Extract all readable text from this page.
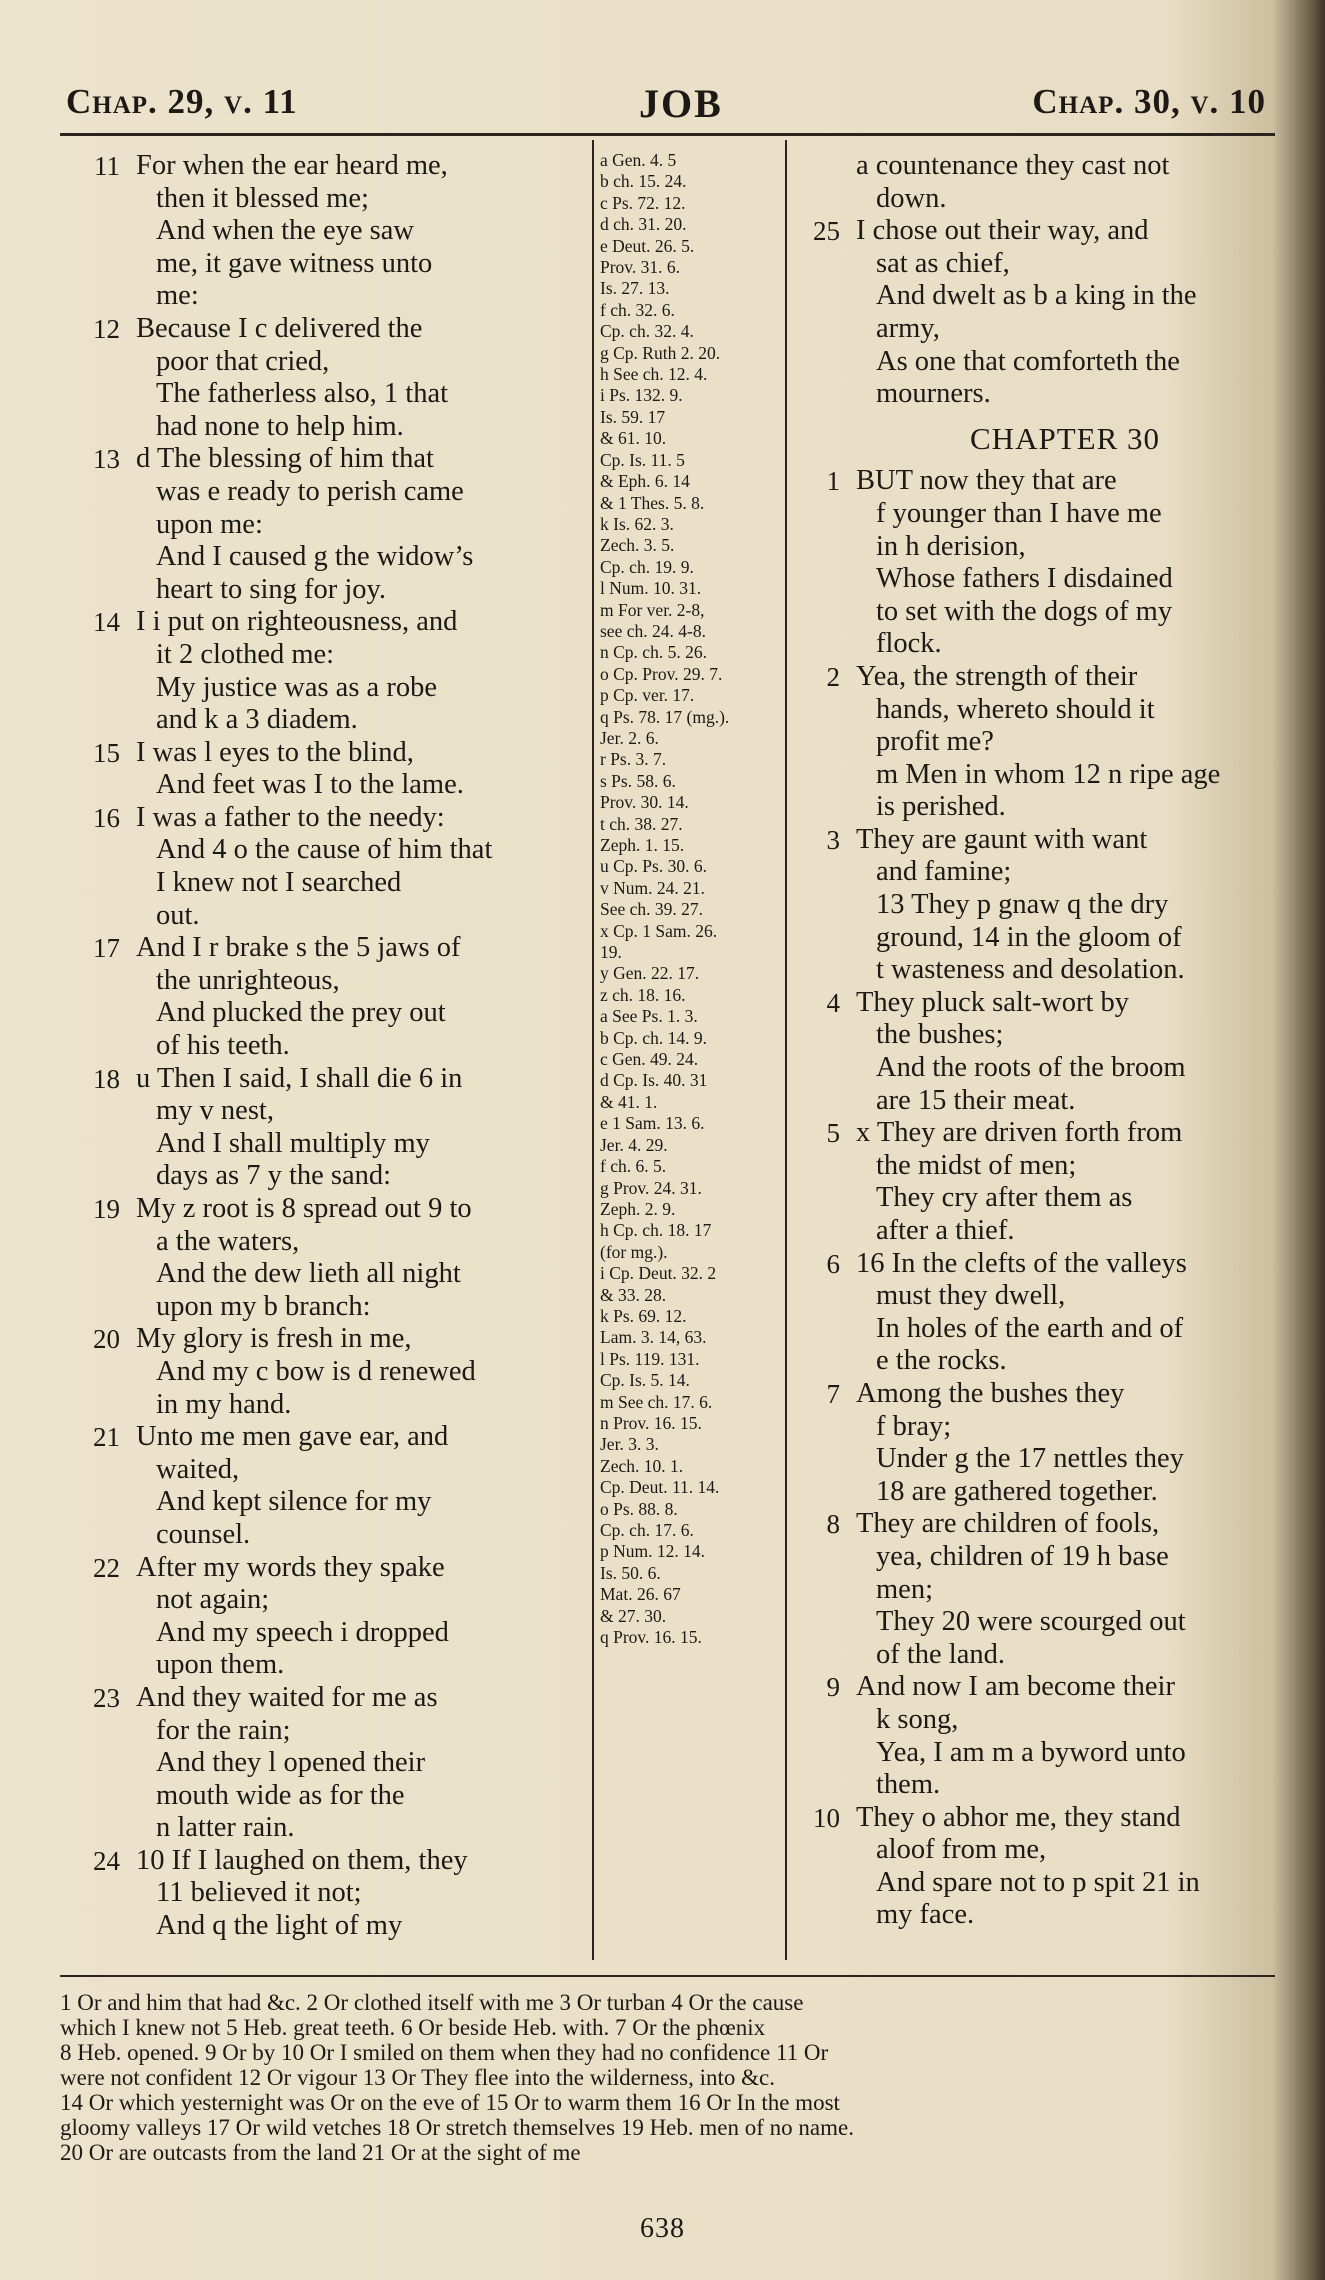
Chap. 29, v. 11	JOB	Chap. 30, v. 10
11 For when the ear heard me,
then it blessed me;
And when the eye saw
me, it gave witness unto
me:
12 Because I c delivered the
poor that cried,
The fatherless also, 1 that
had none to help him.
13 d The blessing of him that
was e ready to perish came
upon me:
And I caused g the widow’s
heart to sing for joy.
14 I i put on righteousness, and
it 2 clothed me:
My justice was as a robe
and k a 3 diadem.
15 I was l eyes to the blind,
And feet was I to the lame.
16 I was a father to the needy:
And 4 o the cause of him that
I knew not I searched
out.
17 And I r brake s the 5 jaws of
the unrighteous,
And plucked the prey out
of his teeth.
18 u Then I said, I shall die 6 in
my v nest,
And I shall multiply my
days as 7 y the sand:
19 My z root is 8 spread out 9 to
a the waters,
And the dew lieth all night
upon my b branch:
20 My glory is fresh in me,
And my c bow is d renewed
in my hand.
21 Unto me men gave ear, and
waited,
And kept silence for my
counsel.
22 After my words they spake
not again;
And my speech i dropped
upon them.
23 And they waited for me as
for the rain;
And they l opened their
mouth wide as for the
n latter rain.
24 10 If I laughed on them, they
11 believed it not;
And q the light of my
a Gen. 4. 5
b ch. 15. 24.
c Ps. 72. 12.
d ch. 31. 20.
e Deut. 26. 5.
Prov. 31. 6.
Is. 27. 13.
f ch. 32. 6.
Cp. ch. 32. 4.
g Cp. Ruth 2. 20.
h See ch. 12. 4.
i Ps. 132. 9.
Is. 59. 17
& 61. 10.
Cp. Is. 11. 5
& Eph. 6. 14
& 1 Thes. 5. 8.
k Is. 62. 3.
Zech. 3. 5.
Cp. ch. 19. 9.
l Num. 10. 31.
m For ver. 2-8,
see ch. 24. 4-8.
n Cp. ch. 5. 26.
o Cp. Prov. 29. 7.
p Cp. ver. 17.
q Ps. 78. 17 (mg.).
Jer. 2. 6.
r Ps. 3. 7.
s Ps. 58. 6.
Prov. 30. 14.
t ch. 38. 27.
Zeph. 1. 15.
u Cp. Ps. 30. 6.
v Num. 24. 21.
See ch. 39. 27.
x Cp. 1 Sam. 26.
19.
y Gen. 22. 17.
z ch. 18. 16.
a See Ps. 1. 3.
b Cp. ch. 14. 9.
c Gen. 49. 24.
d Cp. Is. 40. 31
& 41. 1.
e 1 Sam. 13. 6.
Jer. 4. 29.
f ch. 6. 5.
g Prov. 24. 31.
Zeph. 2. 9.
h Cp. ch. 18. 17
(for mg.).
i Cp. Deut. 32. 2
& 33. 28.
k Ps. 69. 12.
Lam. 3. 14, 63.
l Ps. 119. 131.
Cp. Is. 5. 14.
m See ch. 17. 6.
n Prov. 16. 15.
Jer. 3. 3.
Zech. 10. 1.
Cp. Deut. 11. 14.
o Ps. 88. 8.
Cp. ch. 17. 6.
p Num. 12. 14.
Is. 50. 6.
Mat. 26. 67
& 27. 30.
q Prov. 16. 15.
a countenance they cast not
down.
25 I chose out their way, and
sat as chief,
And dwelt as b a king in the
army,
As one that comforteth the
mourners.
CHAPTER 30
1 BUT now they that are
f younger than I have me
in h derision,
Whose fathers I disdained
to set with the dogs of my
flock.
2 Yea, the strength of their
hands, whereto should it
profit me?
m Men in whom 12 n ripe age
is perished.
3 They are gaunt with want
and famine;
13 They p gnaw q the dry
ground, 14 in the gloom of
t wasteness and desolation.
4 They pluck salt-wort by
the bushes;
And the roots of the broom
are 15 their meat.
5 x They are driven forth from
the midst of men;
They cry after them as
after a thief.
6 16 In the clefts of the valleys
must they dwell,
In holes of the earth and of
e the rocks.
7 Among the bushes they
f bray;
Under g the 17 nettles they
18 are gathered together.
8 They are children of fools,
yea, children of 19 h base
men;
They 20 were scourged out
of the land.
9 And now I am become their
k song,
Yea, I am m a byword unto
them.
10 They o abhor me, they stand
aloof from me,
And spare not to p spit 21 in
my face.
1 Or and him that had &c. 2 Or clothed itself with me 3 Or turban 4 Or the cause
which I knew not 5 Heb. great teeth. 6 Or beside Heb. with. 7 Or the phœnix
8 Heb. opened. 9 Or by 10 Or I smiled on them when they had no confidence 11 Or
were not confident 12 Or vigour 13 Or They flee into the wilderness, into &c.
14 Or which yesternight was Or on the eve of 15 Or to warm them 16 Or In the most
gloomy valleys 17 Or wild vetches 18 Or stretch themselves 19 Heb. men of no name.
20 Or are outcasts from the land 21 Or at the sight of me
638
